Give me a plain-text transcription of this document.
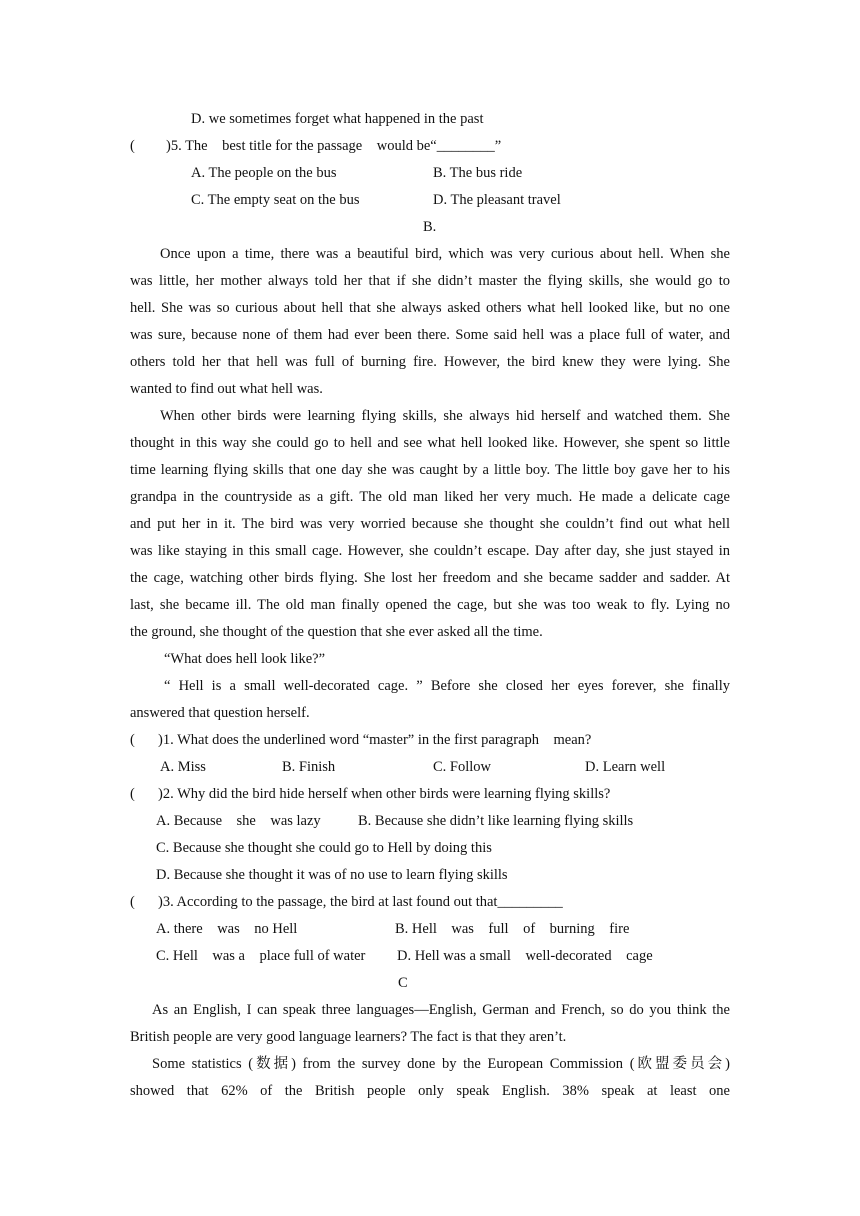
D. we sometimes forget what happened in the past
( )5. The    best title for the passage    would be“________”
A. The people on the bus	B. The bus ride
C. The empty seat on the bus	D. The pleasant travel
B.
Once upon a time, there was a beautiful bird, which was very curious about hell. When she
was little, her mother always told her that if she didn’t master the flying skills, she would go to
hell. She was so curious about hell that she always asked others what hell looked like, but no one
was sure, because none of them had ever been there. Some said hell was a place full of water, and
others told her that hell was full of burning fire. However, the bird knew they were lying. She
wanted to find out what hell was.
When other birds were learning flying skills, she always hid herself and watched them. She
thought in this way she could go to hell and see what hell looked like. However, she spent so little
time learning flying skills that one day she was caught by a little boy. The little boy gave her to his
grandpa in the countryside as a gift. The old man liked her very much. He made a delicate cage
and put her in it. The bird was very worried because she thought she couldn’t find out what hell
was like staying in this small cage. However, she couldn’t escape. Day after day, she just stayed in
the cage, watching other birds flying. She lost her freedom and she became sadder and sadder. At
last, she became ill. The old man finally opened the cage, but she was too weak to fly. Lying no
the ground, she thought of the question that she ever asked all the time.
“What does hell look like?”
“ Hell is a small well-decorated cage. ” Before she closed her eyes forever, she finally
answered that question herself.
( )1. What does the underlined word “master” in the first paragraph    mean?
A. Miss	B. Finish	C. Follow	D. Learn well
( )2. Why did the bird hide herself when other birds were learning flying skills?
A. Because    she    was lazy	B. Because she didn’t like learning flying skills
C. Because she thought she could go to Hell by doing this
D. Because she thought it was of no use to learn flying skills
( )3. According to the passage, the bird at last found out that_________
A. there    was    no Hell	B. Hell    was    full    of    burning    fire
C. Hell    was a    place full of water D. Hell was a small    well-decorated    cage
C
As an English, I can speak three languages—English, German and French, so do you think the
British people are very good language learners? The fact is that they aren’t.
Some statistics (数据) from the survey done by the European Commission (欧盟委员会)
showed that 62% of the British people only speak English. 38% speak at least one
